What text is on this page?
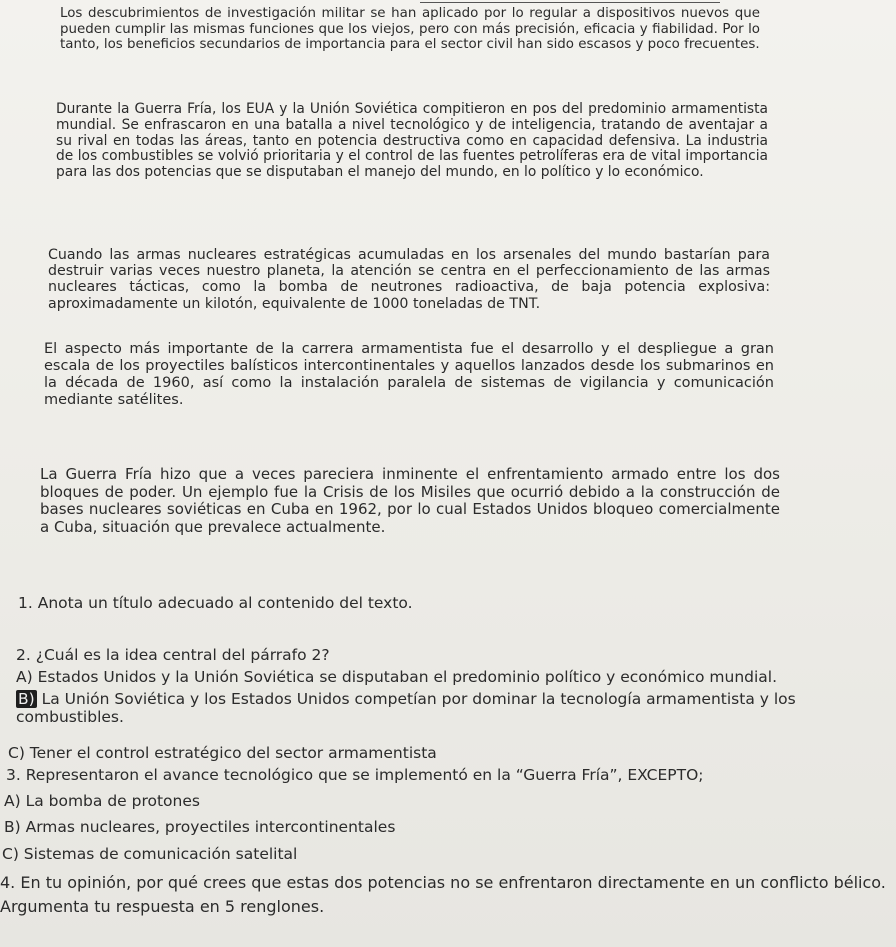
Los descubrimientos de investigación militar se han aplicado por lo regular a dispositivos nuevos que pueden cumplir las mismas funciones que los viejos, pero con más precisión, eficacia y fiabilidad. Por lo tanto, los beneficios secundarios de importancia para el sector civil han sido escasos y poco frecuentes.

Durante la Guerra Fría, los EUA y la Unión Soviética compitieron en pos del predominio armamentista mundial. Se enfrascaron en una batalla a nivel tecnológico y de inteligencia, tratando de aventajar a su rival en todas las áreas, tanto en potencia destructiva como en capacidad defensiva. La industria de los combustibles se volvió prioritaria y el control de las fuentes petrolíferas era de vital importancia para las dos potencias que se disputaban el manejo del mundo, en lo político y lo económico.

Cuando las armas nucleares estratégicas acumuladas en los arsenales del mundo bastarían para destruir varias veces nuestro planeta, la atención se centra en el perfeccionamiento de las armas nucleares tácticas, como la bomba de neutrones radioactiva, de baja potencia explosiva: aproximadamente un kilotón, equivalente de 1000 toneladas de TNT.

El aspecto más importante de la carrera armamentista fue el desarrollo y el despliegue a gran escala de los proyectiles balísticos intercontinentales y aquellos lanzados desde los submarinos en la década de 1960, así como la instalación paralela de sistemas de vigilancia y comunicación mediante satélites.

La Guerra Fría hizo que a veces pareciera inminente el enfrentamiento armado entre los dos bloques de poder. Un ejemplo fue la Crisis de los Misiles que ocurrió debido a la construcción de bases nucleares soviéticas en Cuba en 1962, por lo cual Estados Unidos bloqueo comercialmente a Cuba, situación que prevalece actualmente.

1. Anota un título adecuado al contenido del texto.

2. ¿Cuál es la idea central del párrafo 2?

A) Estados Unidos y la Unión Soviética se disputaban el predominio político y económico mundial.

B) La Unión Soviética y los Estados Unidos competían por dominar la tecnología armamentista y los combustibles.

C) Tener el control estratégico del sector armamentista

3. Representaron el avance tecnológico que se implementó en la “Guerra Fría”, EXCEPTO;

A) La bomba de protones

B) Armas nucleares, proyectiles intercontinentales

C) Sistemas de comunicación satelital

4. En tu opinión, por qué crees que estas dos potencias no se enfrentaron directamente en un conflicto bélico. Argumenta tu respuesta en 5 renglones.
